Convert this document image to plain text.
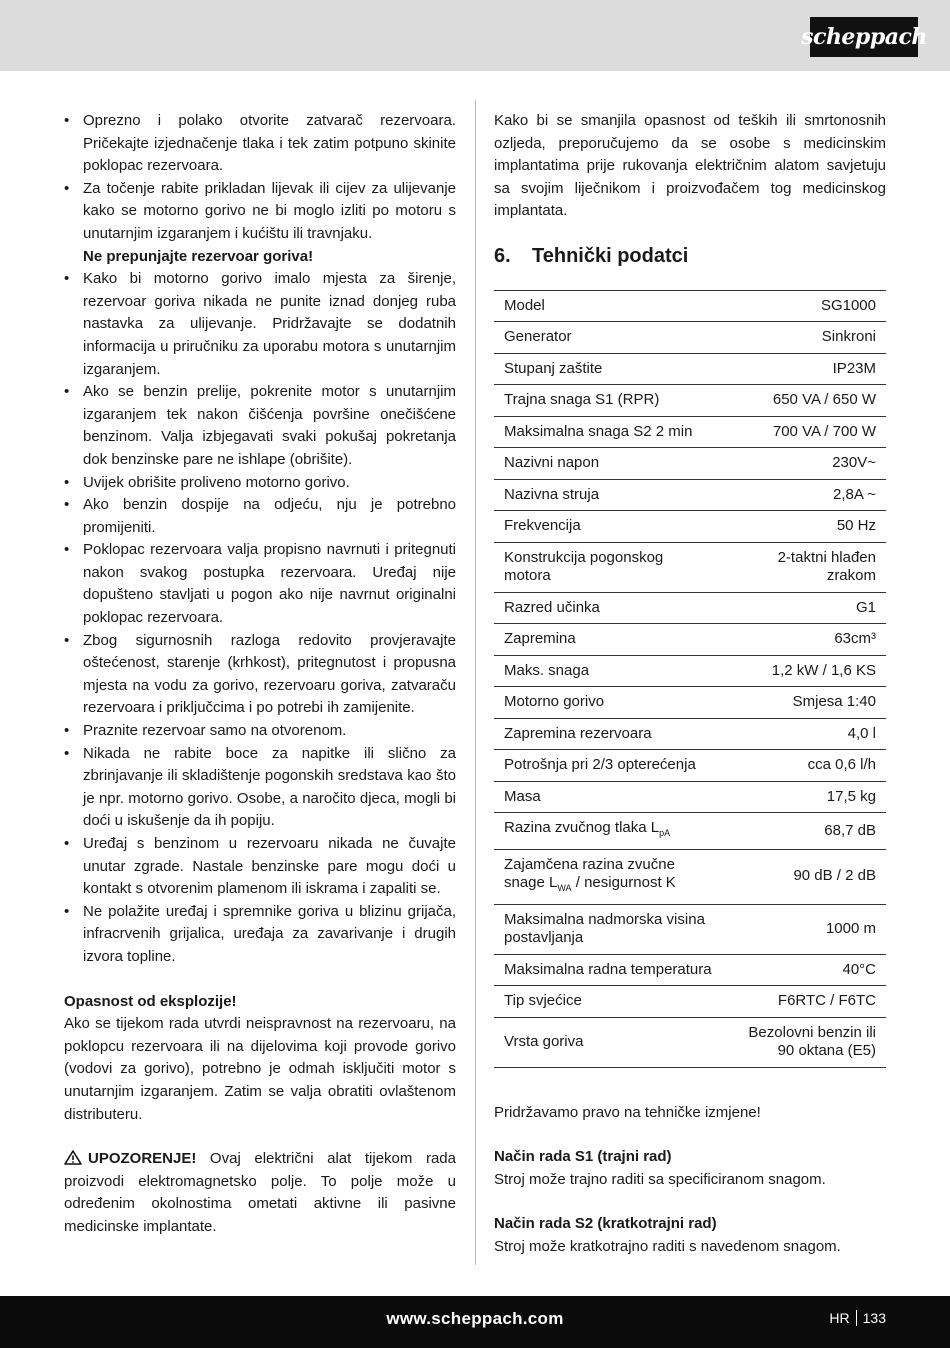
scheppach
• Oprezno i polako otvorite zatvarač rezervoara. Pričekajte izjednačenje tlaka i tek zatim potpuno skinite poklopac rezervoara.
• Za točenje rabite prikladan lijevak ili cijev za ulijevanje kako se motorno gorivo ne bi moglo izliti po motoru s unutarnjim izgaranjem i kućištu ili travnjaku.
Ne prepunjajte rezervoar goriva!
• Kako bi motorno gorivo imalo mjesta za širenje, rezervoar goriva nikada ne punite iznad donjeg ruba nastavka za ulijevanje. Pridržavajte se dodatnih informacija u priručniku za uporabu motora s unutarnjim izgaranjem.
• Ako se benzin prelije, pokrenite motor s unutarnjim izgaranjem tek nakon čišćenja površine onečišćene benzinom. Valja izbjegavati svaki pokušaj pokretanja dok benzinske pare ne ishlape (obrišite).
• Uvijek obrišite proliveno motorno gorivo.
• Ako benzin dospije na odjeću, nju je potrebno promijeniti.
• Poklopac rezervoara valja propisno navrnuti i pritegnuti nakon svakog postupka rezervoara. Uređaj nije dopušteno stavljati u pogon ako nije navrnut originalni poklopac rezervoara.
• Zbog sigurnosnih razloga redovito provjeravajte oštećenost, starenje (krhkost), pritegnutost i propusna mjesta na vodu za gorivo, rezervoaru goriva, zatvaraču rezervoara i priključcima i po potrebi ih zamijenite.
• Praznite rezervoar samo na otvorenom.
• Nikada ne rabite boce za napitke ili slično za zbrinjavanje ili skladištenje pogonskih sredstava kao što je npr. motorno gorivo. Osobe, a naročito djeca, mogli bi doći u iskušenje da ih popiju.
• Uređaj s benzinom u rezervoaru nikada ne čuvajte unutar zgrade. Nastale benzinske pare mogu doći u kontakt s otvorenim plamenom ili iskrama i zapaliti se.
• Ne polažite uređaj i spremnike goriva u blizinu grijača, infracrvenih grijalica, uređaja za zavarivanje i drugih izvora topline.

Opasnost od eksplozije!

Ako se tijekom rada utvrdi neispravnost na rezervoaru, na poklopcu rezervoara ili na dijelovima koji provode gorivo (vodovi za gorivo), potrebno je odmah isključiti motor s unutarnjim izgaranjem. Zatim se valja obratiti ovlaštenom distributeru.

UPOZORENJE! Ovaj električni alat tijekom rada proizvodi elektromagnetsko polje. To polje može u određenim okolnostima ometati aktivne ili pasivne medicinske implantate.

Kako bi se smanjila opasnost od teških ili smrtonosnih ozljeda, preporučujemo da se osobe s medicinskim implantatima prije rukovanja električnim alatom savjetuju sa svojim liječnikom i proizvođačem tog medicinskog implantata.

6. Tehnički podatci
Model	SG1000
Generator	Sinkroni
Stupanj zaštite	IP23M
Trajna snaga S1 (RPR)	650 VA / 650 W
Maksimalna snaga S2 2 min	700 VA / 700 W
Nazivni napon	230V~
Nazivna struja	2,8A ~
Frekvencija	50 Hz
Konstrukcija pogonskog motora	2-taktni hlađen zrakom
Razred učinka	G1
Zapremina	63cm³
Maks. snaga	1,2 kW / 1,6 KS
Motorno gorivo	Smjesa 1:40
Zapremina rezervoara	4,0 l
Potrošnja pri 2/3 opterećenja	cca 0,6 l/h
Masa	17,5 kg
Razina zvučnog tlaka $L_{pA}$	68,7 dB
Zajamčena razina zvučne snage $L_{WA}$ / nesigurnost K	90 dB / 2 dB
Maksimalna nadmorska visina postavljanja	1000 m
Maksimalna radna temperatura	40°C
Tip svjećice	F6RTC / F6TC
Vrsta goriva	Bezolovni benzin ili 90 oktana (E5)

Pridržavamo pravo na tehničke izmjene!

Način rada S1 (trajni rad)

Stroj može trajno raditi sa specificiranom snagom.

Način rada S2 (kratkotrajni rad)

Stroj može kratkotrajno raditi s navedenom snagom.

www.scheppach.com	HR 133
